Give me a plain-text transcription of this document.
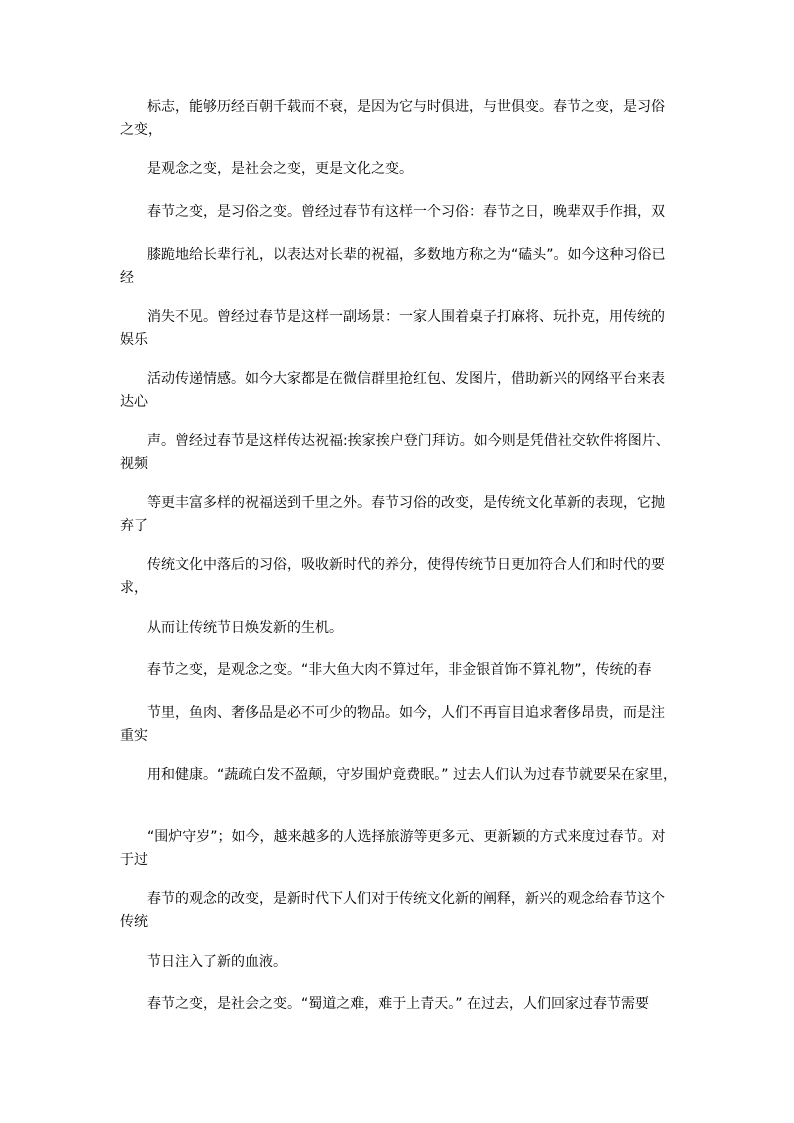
标志，能够历经百朝千载而不衰，是因为它与时俱进，与世俱变。春节之变，是习俗
之变，
是观念之变，是社会之变，更是文化之变。
春节之变，是习俗之变。曾经过春节有这样一个习俗：春节之日，晚辈双手作揖，双
膝跪地给长辈行礼，以表达对长辈的祝福，多数地方称之为“磕头”。如今这种习俗已
经
消失不见。曾经过春节是这样一副场景：一家人围着桌子打麻将、玩扑克，用传统的
娱乐
活动传递情感。如今大家都是在微信群里抢红包、发图片，借助新兴的网络平台来表
达心
声。曾经过春节是这样传达祝福:挨家挨户登门拜访。如今则是凭借社交软件将图片、
视频
等更丰富多样的祝福送到千里之外。春节习俗的改变，是传统文化革新的表现，它抛
弃了
传统文化中落后的习俗，吸收新时代的养分，使得传统节日更加符合人们和时代的要
求，
从而让传统节日焕发新的生机。
春节之变，是观念之变。“非大鱼大肉不算过年，非金银首饰不算礼物”，传统的春
节里，鱼肉、奢侈品是必不可少的物品。如今，人们不再盲目追求奢侈昂贵，而是注
重实
用和健康。“蔬疏白发不盈颠，守岁围炉竟费眠。” 过去人们认为过春节就要呆在家里，
“围炉守岁”；如今，越来越多的人选择旅游等更多元、更新颖的方式来度过春节。对
于过
春节的观念的改变，是新时代下人们对于传统文化新的阐释，新兴的观念给春节这个
传统
节日注入了新的血液。
春节之变，是社会之变。“蜀道之难，难于上青天。” 在过去，人们回家过春节需要
